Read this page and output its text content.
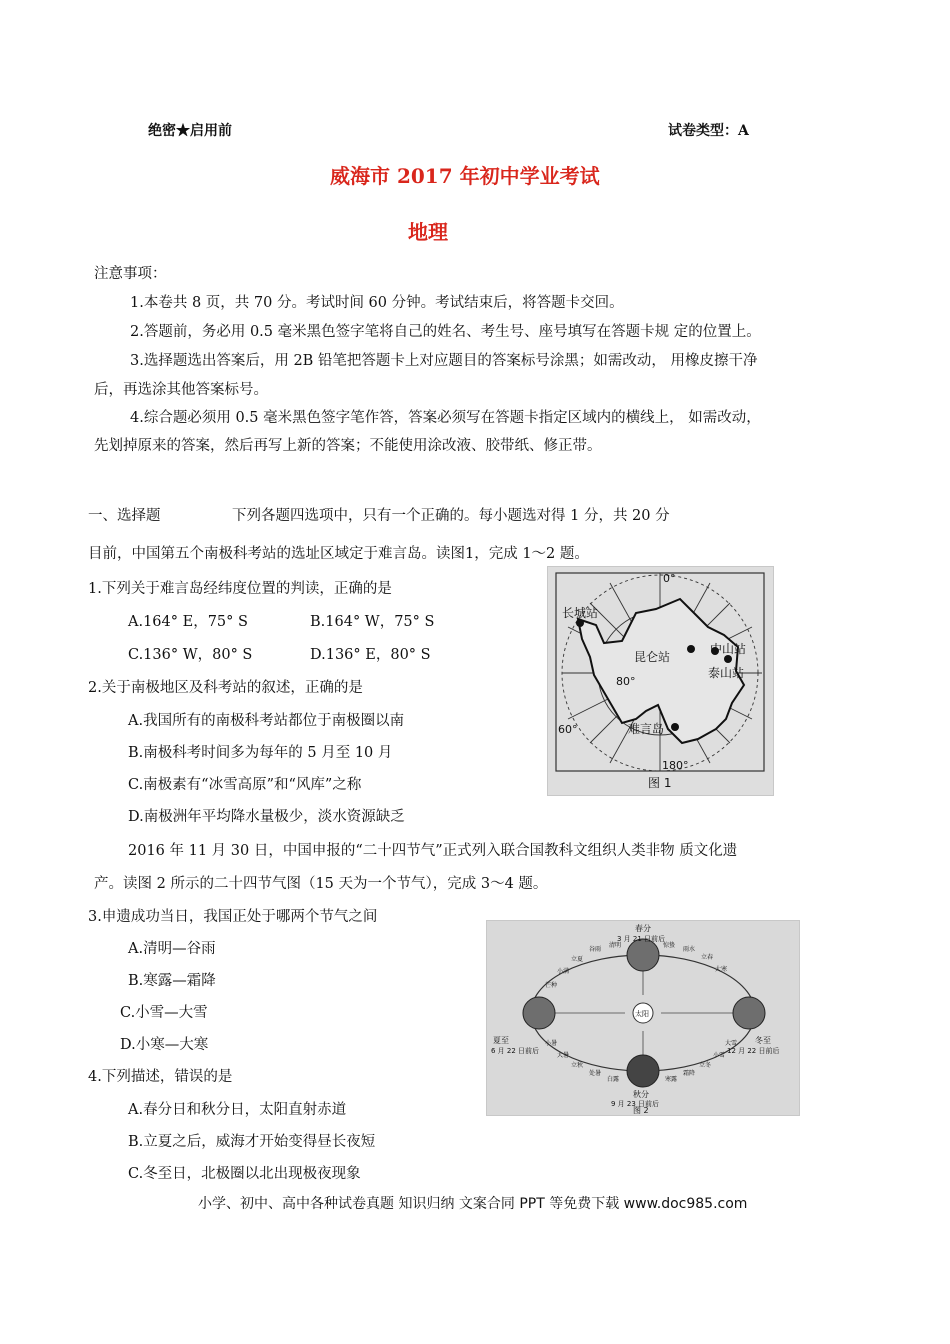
绝密★启用前	试卷类型：A
威海市 2017 年初中学业考试
地理
注意事项：
1.本卷共 8 页，共 70 分。考试时间 60 分钟。考试结束后，将答题卡交回。
2.答题前，务必用 0.5 毫米黑色签字笔将自己的姓名、考生号、座号填写在答题卡规 定的位置上。
3.选择题选出答案后，用 2B 铅笔把答题卡上对应题目的答案标号涂黑；如需改动， 用橡皮擦干净
后，再选涂其他答案标号。
4.综合题必须用 0.5 毫米黑色签字笔作答，答案必须写在答题卡指定区域内的横线上， 如需改动，
先划掉原来的答案，然后再写上新的答案；不能使用涂改液、胶带纸、修正带。
一、选择题	下列各题四选项中，只有一个正确的。每小题选对得 1 分，共 20 分
目前，中国第五个南极科考站的选址区域定于难言岛。读图1，完成 1～2 题。
1.下列关于难言岛经纬度位置的判读，正确的是
A.164° E，75° S	B.164° W，75° S
C.136° W，80° S	D.136° E，80° S
2.关于南极地区及科考站的叙述，正确的是
A.我国所有的南极科考站都位于南极圈以南
B.南极科考时间多为每年的 5 月至 10 月
C.南极素有“冰雪高原”和“风库”之称
D.南极洲年平均降水量极少，淡水资源缺乏
2016 年 11 月 30 日，中国申报的“二十四节气”正式列入联合国教科文组织人类非物 质文化遗
产。读图 2 所示的二十四节气图（15 天为一个节气），完成 3～4 题。
3.申遗成功当日，我国正处于哪两个节气之间
A.清明—谷雨
B.寒露—霜降
C.小雪—大雪
D.小寒—大寒
4.下列描述，错误的是
A.春分日和秋分日，太阳直射赤道
B.立夏之后，威海才开始变得昼长夜短
C.冬至日，北极圈以北出现极夜现象
0°
180°
60°
80°
长城站
昆仑站
中山站
泰山站
难言岛
图 1
太阳
春分
3 月 21 日前后
夏至
6 月 22 日前后
秋分
9 月 23 日前后
冬至
12 月 22 日前后
谷雨
清明
立夏
小满
芒种
惊蛰
雨水
立春
大寒
小暑
大暑
立秋
处暑
白露	寒露
霜降
立冬
小雪
大雪
图 2
小学、初中、高中各种试卷真题 知识归纳 文案合同 PPT 等免费下载 www.doc985.com
